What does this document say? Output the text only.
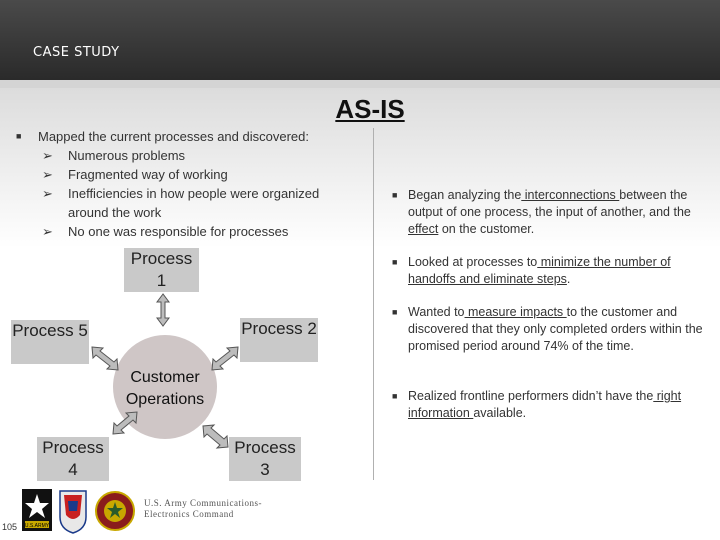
CASE STUDY
AS-IS
■	Mapped the current processes and discovered:
➢	Numerous problems
➢	Fragmented way of working
➢	Inefficiencies in how people were organized around the work
➢	No one was responsible for processes
Process 1
Process 2
Process 3
Process 4
Process 5
Customer Operations
■ Began analyzing the interconnections between the output of one process, the input of another, and the effect on the customer.
■ Looked at processes to minimize the number of handoffs and eliminate steps.
■ Wanted to measure impacts to the customer and discovered that they only completed orders within the promised period around 74% of the time.
■ Realized frontline performers didn’t have the right information available.
U.S.ARMY
U.S. Army Communications-
Electronics Command
105
